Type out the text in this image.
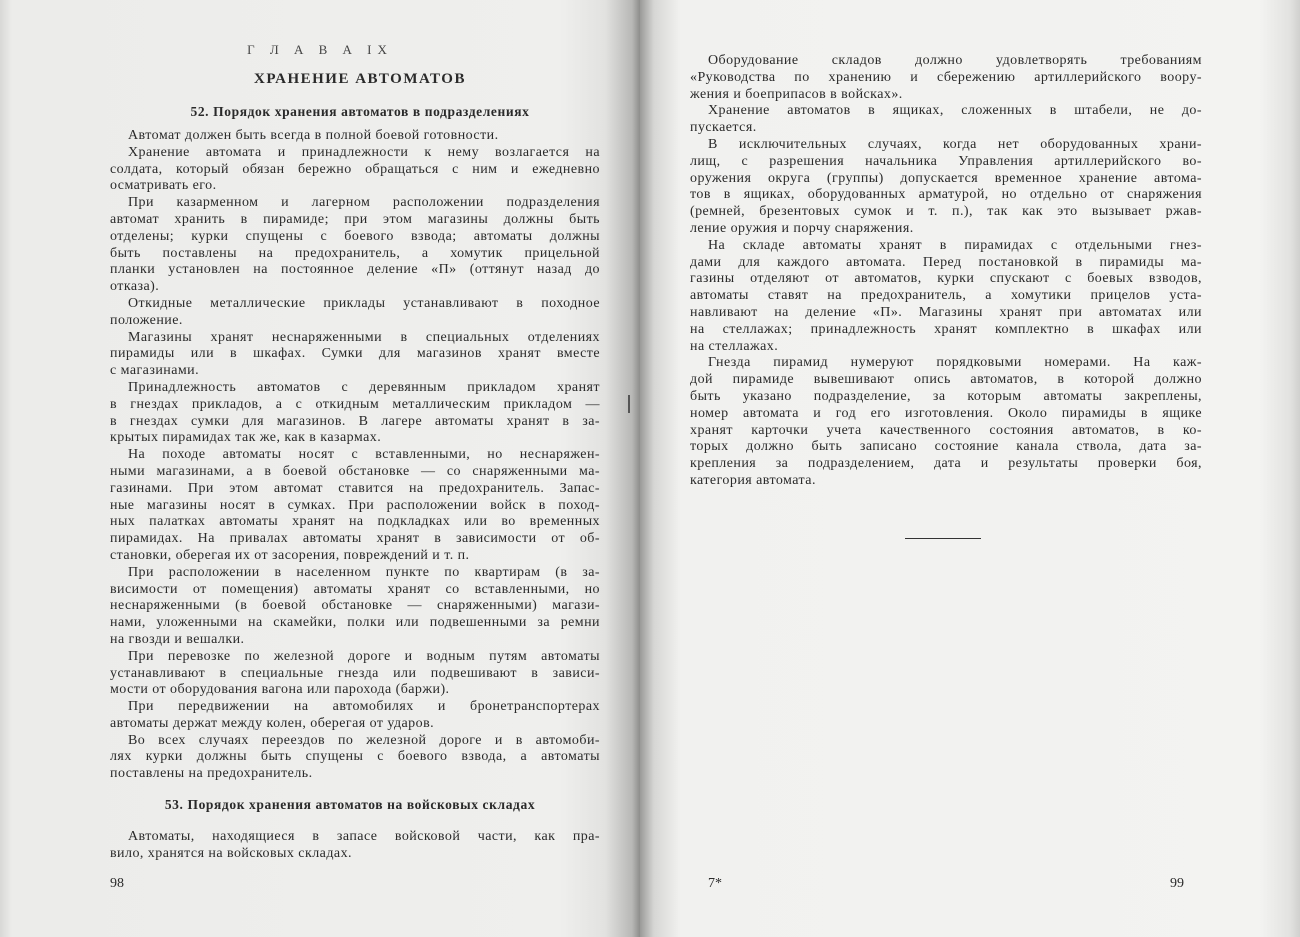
Г Л А В А IX
ХРАНЕНИЕ АВТОМАТОВ
52. Порядок хранения автоматов в подразделениях
Автомат должен быть всегда в полной боевой готовности.
Хранение автомата и принадлежности к нему возлагается на
солдата, который обязан бережно обращаться с ним и ежедневно
осматривать его.
При казарменном и лагерном расположении подразделения
автомат хранить в пирамиде; при этом магазины должны быть
отделены; курки спущены с боевого взвода; автоматы должны
быть поставлены на предохранитель, а хомутик прицельной
планки установлен на постоянное деление «П» (оттянут назад до
отказа).
Откидные металлические приклады устанавливают в походное
положение.
Магазины хранят неснаряженными в специальных отделениях
пирамиды или в шкафах. Сумки для магазинов хранят вместе
с магазинами.
Принадлежность автоматов с деревянным прикладом хранят
в гнездах прикладов, а с откидным металлическим прикладом —
в гнездах сумки для магазинов. В лагере автоматы хранят в за-
крытых пирамидах так же, как в казармах.
На походе автоматы носят с вставленными, но неснаряжен-
ными магазинами, а в боевой обстановке — со снаряженными ма-
газинами. При этом автомат ставится на предохранитель. Запас-
ные магазины носят в сумках. При расположении войск в поход-
ных палатках автоматы хранят на подкладках или во временных
пирамидах. На привалах автоматы хранят в зависимости от об-
становки, оберегая их от засорения, повреждений и т. п.
При расположении в населенном пункте по квартирам (в за-
висимости от помещения) автоматы хранят со вставленными, но
неснаряженными (в боевой обстановке — снаряженными) магази-
нами, уложенными на скамейки, полки или подвешенными за ремни
на гвозди и вешалки.
При перевозке по железной дороге и водным путям автоматы
устанавливают в специальные гнезда или подвешивают в зависи-
мости от оборудования вагона или парохода (баржи).
При передвижении на автомобилях и бронетранспортерах
автоматы держат между колен, оберегая от ударов.
Во всех случаях переездов по железной дороге и в автомоби-
лях курки должны быть спущены с боевого взвода, а автоматы
поставлены на предохранитель.
53. Порядок хранения автоматов на войсковых складах
Автоматы, находящиеся в запасе войсковой части, как пра-
вило, хранятся на войсковых складах.
98
Оборудование складов должно удовлетворять требованиям
«Руководства по хранению и сбережению артиллерийского воору-
жения и боеприпасов в войсках».
Хранение автоматов в ящиках, сложенных в штабели, не до-
пускается.
В исключительных случаях, когда нет оборудованных храни-
лищ, с разрешения начальника Управления артиллерийского во-
оружения округа (группы) допускается временное хранение автома-
тов в ящиках, оборудованных арматурой, но отдельно от снаряжения
(ремней, брезентовых сумок и т. п.), так как это вызывает ржав-
ление оружия и порчу снаряжения.
На складе автоматы хранят в пирамидах с отдельными гнез-
дами для каждого автомата. Перед постановкой в пирамиды ма-
газины отделяют от автоматов, курки спускают с боевых взводов,
автоматы ставят на предохранитель, а хомутики прицелов уста-
навливают на деление «П». Магазины хранят при автоматах или
на стеллажах; принадлежность хранят комплектно в шкафах или
на стеллажах.
Гнезда пирамид нумеруют порядковыми номерами. На каж-
дой пирамиде вывешивают опись автоматов, в которой должно
быть указано подразделение, за которым автоматы закреплены,
номер автомата и год его изготовления. Около пирамиды в ящике
хранят карточки учета качественного состояния автоматов, в ко-
торых должно быть записано состояние канала ствола, дата за-
крепления за подразделением, дата и результаты проверки боя,
категория автомата.
7*	99
